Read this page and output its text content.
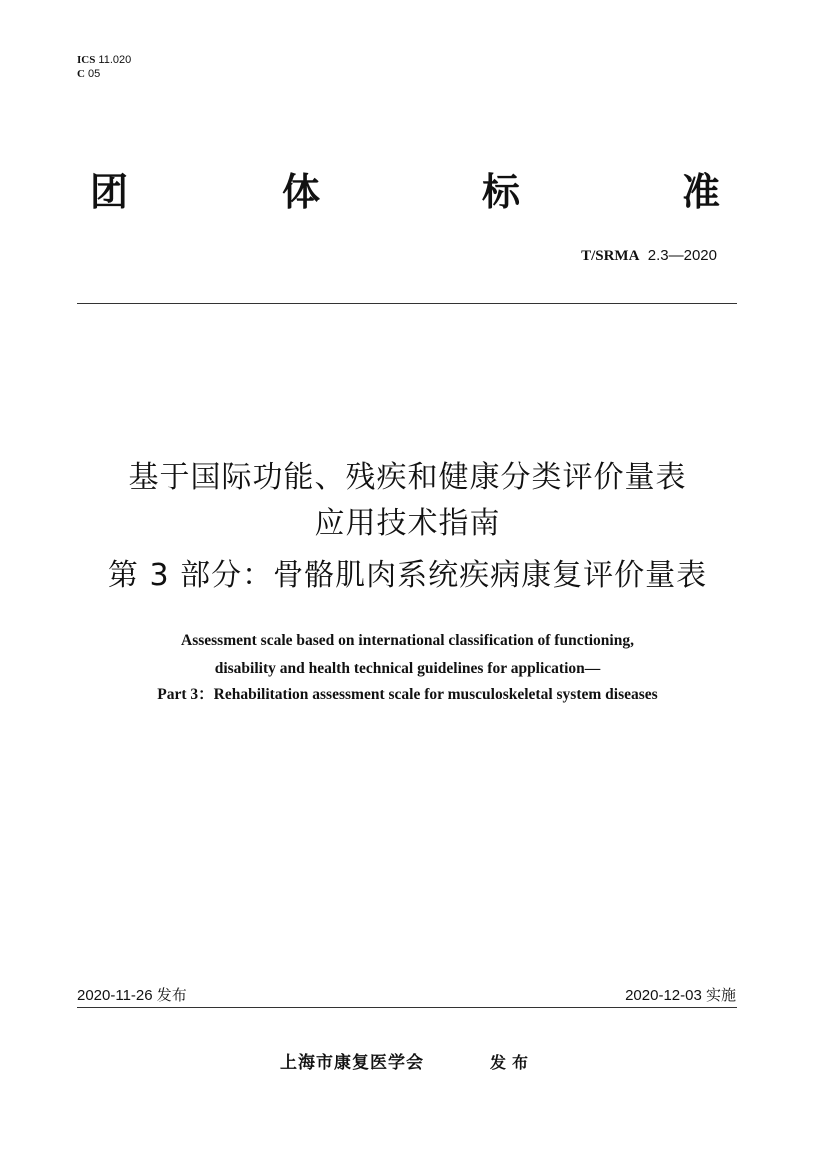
ICS 11.020
C 05
团	体	标	准
T/SRMA 2.3—2020
基于国际功能、残疾和健康分类评价量表
应用技术指南
第 3 部分：骨骼肌肉系统疾病康复评价量表
Assessment scale based on international classification of functioning,
disability and health technical guidelines for application—
Part 3：Rehabilitation assessment scale for musculoskeletal system diseases
2020-11-26 发布	2020-12-03 实施
上海市康复医学会	发布
